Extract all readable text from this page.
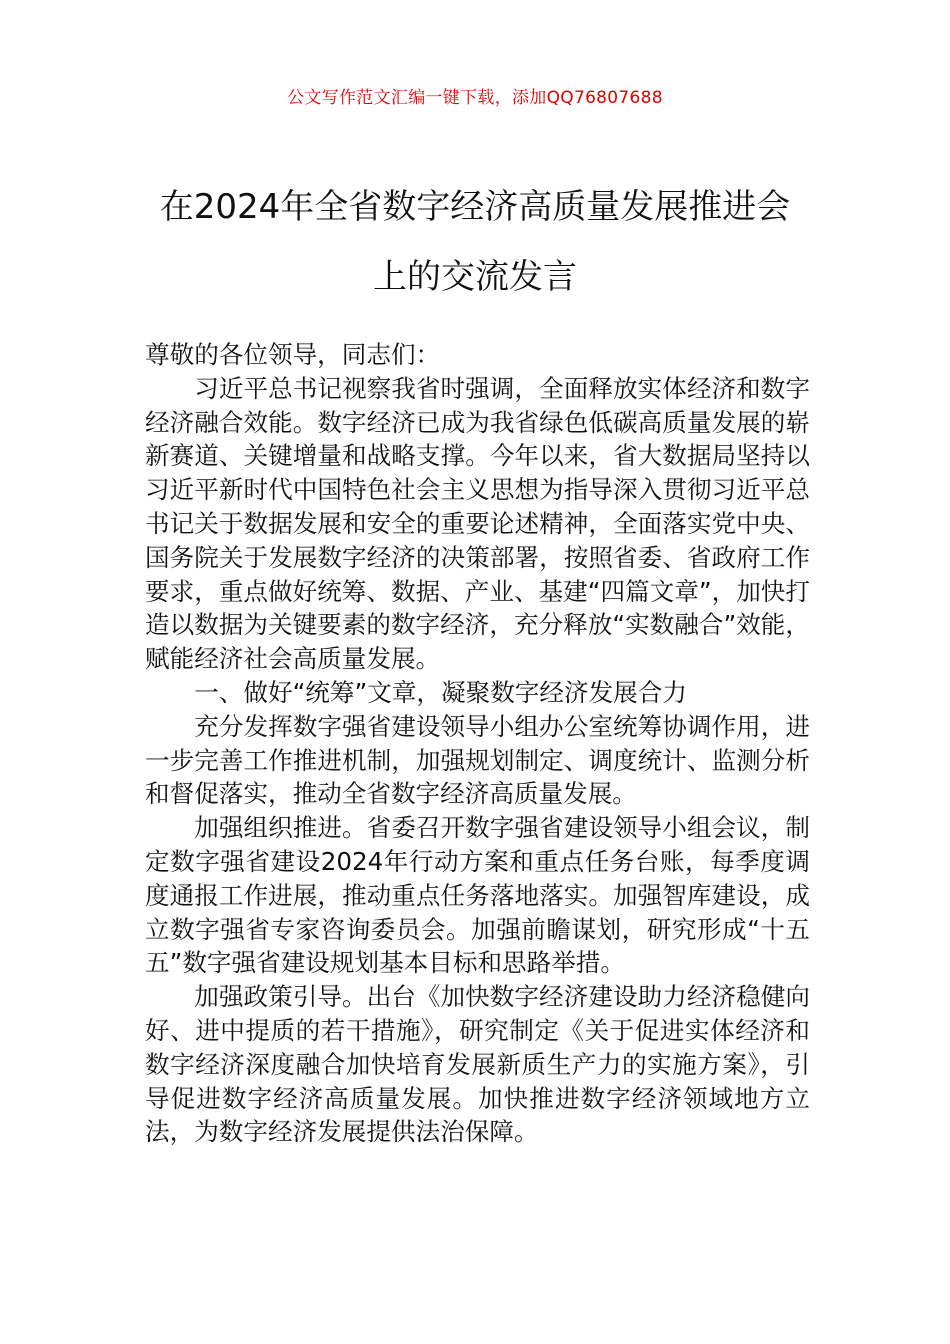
公文写作范文汇编一键下载，添加QQ76807688
在2024年全省数字经济高质量发展推进会
上的交流发言

尊敬的各位领导，同志们：

习近平总书记视察我省时强调，全面释放实体经济和数字经济融合效能。数字经济已成为我省绿色低碳高质量发展的崭新赛道、关键增量和战略支撑。今年以来，省大数据局坚持以习近平新时代中国特色社会主义思想为指导深入贯彻习近平总书记关于数据发展和安全的重要论述精神，全面落实党中央、国务院关于发展数字经济的决策部署，按照省委、省政府工作要求，重点做好统筹、数据、产业、基建“四篇文章”，加快打造以数据为关键要素的数字经济，充分释放“实数融合”效能，赋能经济社会高质量发展。

一、做好“统筹”文章，凝聚数字经济发展合力

充分发挥数字强省建设领导小组办公室统筹协调作用，进一步完善工作推进机制，加强规划制定、调度统计、监测分析和督促落实，推动全省数字经济高质量发展。

加强组织推进。省委召开数字强省建设领导小组会议，制定数字强省建设2024年行动方案和重点任务台账，每季度调度通报工作进展，推动重点任务落地落实。加强智库建设，成立数字强省专家咨询委员会。加强前瞻谋划，研究形成“十五五”数字强省建设规划基本目标和思路举措。

加强政策引导。出台《加快数字经济建设助力经济稳健向好、进中提质的若干措施》，研究制定《关于促进实体经济和数字经济深度融合加快培育发展新质生产力的实施方案》，引导促进数字经济高质量发展。加快推进数字经济领域地方立法，为数字经济发展提供法治保障。
